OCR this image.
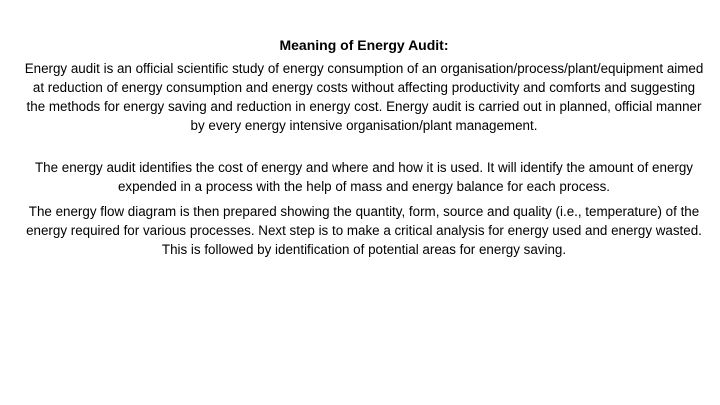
Meaning of Energy Audit:

Energy audit is an official scientific study of energy consumption of an organisation/process/plant/equipment aimed at reduction of energy consumption and energy costs without affecting productivity and comforts and suggesting the methods for energy saving and reduction in energy cost. Energy audit is carried out in planned, official manner by every energy intensive organisation/plant management.

The energy audit identifies the cost of energy and where and how it is used. It will identify the amount of energy expended in a process with the help of mass and energy balance for each process.

The energy flow diagram is then prepared showing the quantity, form, source and quality (i.e., temperature) of the energy required for various processes. Next step is to make a critical analysis for energy used and energy wasted. This is followed by identification of potential areas for energy saving.
